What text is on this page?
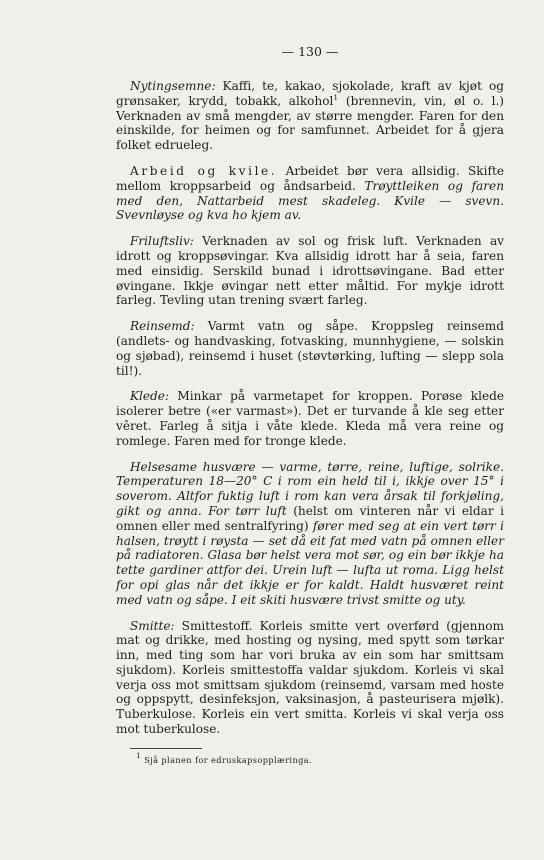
— 130 —

Nytingsemne: Kaffi, te, kakao, sjokolade, kraft av kjøt og grønsaker, krydd, tobakk, alkohol$^1$ (brennevin, vin, øl o. l.) Verknaden av små mengder, av større mengder. Faren for den einskilde, for heimen og for samfunnet. Arbeidet for å gjera folket edrueleg.

Arbeid og kvile. Arbeidet bør vera allsidig. Skifte mellom kroppsarbeid og åndsarbeid. Trøyttleiken og faren med den, Nattarbeid mest skadeleg. Kvile — svevn. Svevnløyse og kva ho kjem av.

Friluftsliv: Verknaden av sol og frisk luft. Verknaden av idrott og kroppsøvingar. Kva allsidig idrott har å seia, faren med einsidig. Serskild bunad i idrottsøvingane. Bad etter øvingane. Ikkje øvingar nett etter måltid. For mykje idrott farleg. Tevling utan trening svært farleg.

Reinsemd: Varmt vatn og såpe. Kroppsleg reinsemd (andlets- og handvasking, fotvasking, munnhygiene, — solskin og sjøbad), reinsemd i huset (støvtørking, lufting — slepp sola til!).

Klede: Minkar på varmetapet for kroppen. Porøse klede isolerer betre («er varmast»). Det er turvande å kle seg etter vêret. Farleg å sitja i våte klede. Kleda må vera reine og romlege. Faren med for tronge klede.

Helsesame husvære — varme, tørre, reine, luftige, solrike. Temperaturen 18—20° C i rom ein held til i, ikkje over 15° i soverom. Altfor fuktig luft i rom kan vera årsak til forkjøling, gikt og anna. For tørr luft (helst om vinteren når vi eldar i omnen eller med sentralfyring) fører med seg at ein vert tørr i halsen, trøytt i røysta — set då eit fat med vatn på omnen eller på radiatoren. Glasa bør helst vera mot sør, og ein bør ikkje ha tette gardiner attfor dei. Urein luft — lufta ut roma. Ligg helst for opi glas når det ikkje er for kaldt. Haldt husværet reint med vatn og såpe. I eit skiti husvære trivst smitte og uty.

Smitte: Smittestoff. Korleis smitte vert overførd (gjennom mat og drikke, med hosting og nysing, med spytt som tørkar inn, med ting som har vori bruka av ein som har smittsam sjukdom). Korleis smittestoffa valdar sjukdom. Korleis vi skal verja oss mot smittsam sjukdom (reinsemd, varsam med hoste og oppspytt, desinfeksjon, vaksinasjon, å pasteurisera mjølk). Tuberkulose. Korleis ein vert smitta. Korleis vi skal verja oss mot tuberkulose.

$^1$ Sjå planen for edruskapsopplæringa.
